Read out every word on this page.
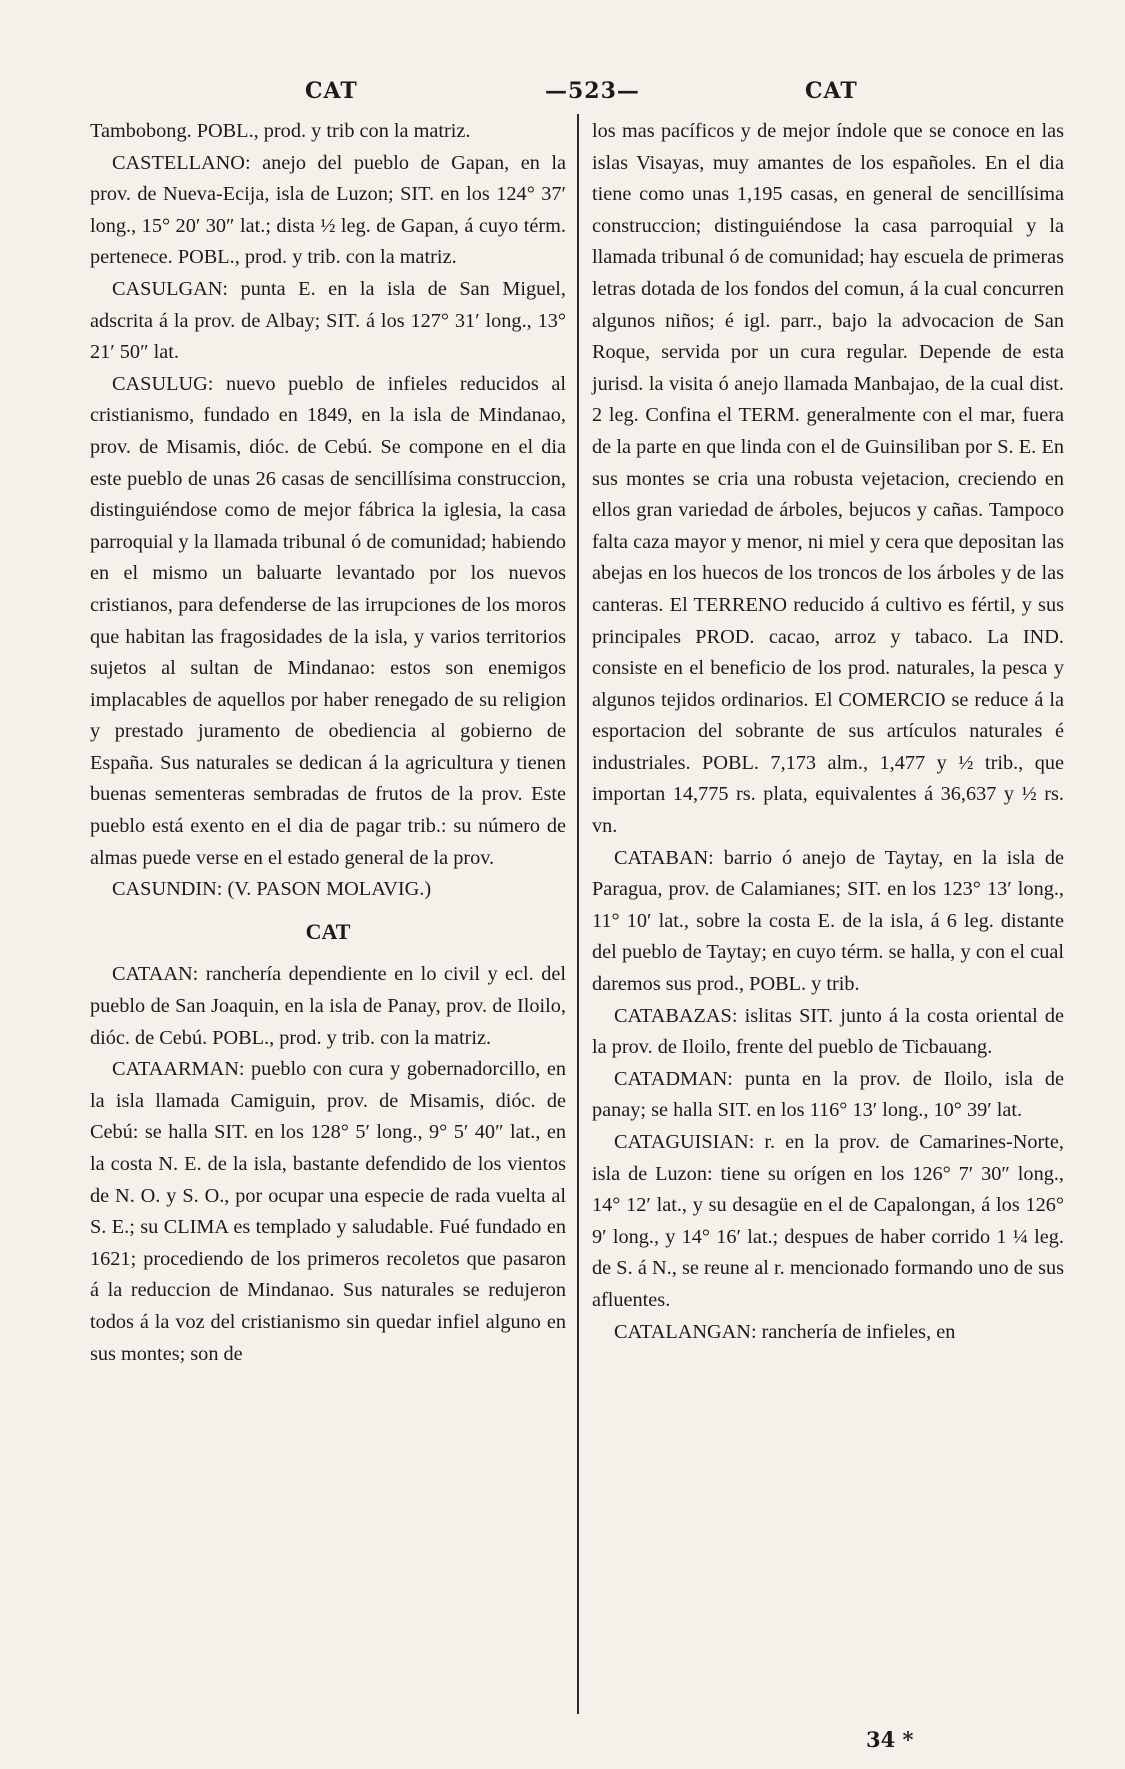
CAT	—523—	CAT

Tambobong. POBL., prod. y trib con la matriz.

CASTELLANO: anejo del pueblo de Gapan, en la prov. de Nueva-Ecija, isla de Luzon; SIT. en los 124° 37′ long., 15° 20′ 30″ lat.; dista ½ leg. de Gapan, á cuyo térm. pertenece. POBL., prod. y trib. con la matriz.

CASULGAN: punta E. en la isla de San Miguel, adscrita á la prov. de Albay; SIT. á los 127° 31′ long., 13° 21′ 50″ lat.

CASULUG: nuevo pueblo de infieles reducidos al cristianismo, fundado en 1849, en la isla de Mindanao, prov. de Misamis, dióc. de Cebú. Se compone en el dia este pueblo de unas 26 casas de sencillísima construccion, distinguiéndose como de mejor fábrica la iglesia, la casa parroquial y la llamada tribunal ó de comunidad; habiendo en el mismo un baluarte levantado por los nuevos cristianos, para defenderse de las irrupciones de los moros que habitan las fragosidades de la isla, y varios territorios sujetos al sultan de Mindanao: estos son enemigos implacables de aquellos por haber renegado de su religion y prestado juramento de obediencia al gobierno de España. Sus naturales se dedican á la agricultura y tienen buenas sementeras sembradas de frutos de la prov. Este pueblo está exento en el dia de pagar trib.: su número de almas puede verse en el estado general de la prov.

CASUNDIN: (V. PASON MOLAVIG.)

CAT

CATAAN: ranchería dependiente en lo civil y ecl. del pueblo de San Joaquin, en la isla de Panay, prov. de Iloilo, dióc. de Cebú. POBL., prod. y trib. con la matriz.

CATAARMAN: pueblo con cura y gobernadorcillo, en la isla llamada Camiguin, prov. de Misamis, dióc. de Cebú: se halla SIT. en los 128° 5′ long., 9° 5′ 40″ lat., en la costa N. E. de la isla, bastante defendido de los vientos de N. O. y S. O., por ocupar una especie de rada vuelta al S. E.; su CLIMA es templado y saludable. Fué fundado en 1621; procediendo de los primeros recoletos que pasaron á la reduccion de Mindanao. Sus naturales se redujeron todos á la voz del cristianismo sin quedar infiel alguno en sus montes; son de

los mas pacíficos y de mejor índole que se conoce en las islas Visayas, muy amantes de los españoles. En el dia tiene como unas 1,195 casas, en general de sencillísima construccion; distinguiéndose la casa parroquial y la llamada tribunal ó de comunidad; hay escuela de primeras letras dotada de los fondos del comun, á la cual concurren algunos niños; é igl. parr., bajo la advocacion de San Roque, servida por un cura regular. Depende de esta jurisd. la visita ó anejo llamada Manbajao, de la cual dist. 2 leg. Confina el TERM. generalmente con el mar, fuera de la parte en que linda con el de Guinsiliban por S. E. En sus montes se cria una robusta vejetacion, creciendo en ellos gran variedad de árboles, bejucos y cañas. Tampoco falta caza mayor y menor, ni miel y cera que depositan las abejas en los huecos de los troncos de los árboles y de las canteras. El TERRENO reducido á cultivo es fértil, y sus principales PROD. cacao, arroz y tabaco. La IND. consiste en el beneficio de los prod. naturales, la pesca y algunos tejidos ordinarios. El COMERCIO se reduce á la esportacion del sobrante de sus artículos naturales é industriales. POBL. 7,173 alm., 1,477 y ½ trib., que importan 14,775 rs. plata, equivalentes á 36,637 y ½ rs. vn.

CATABAN: barrio ó anejo de Taytay, en la isla de Paragua, prov. de Calamianes; SIT. en los 123° 13′ long., 11° 10′ lat., sobre la costa E. de la isla, á 6 leg. distante del pueblo de Taytay; en cuyo térm. se halla, y con el cual daremos sus prod., POBL. y trib.

CATABAZAS: islitas SIT. junto á la costa oriental de la prov. de Iloilo, frente del pueblo de Ticbauang.

CATADMAN: punta en la prov. de Iloilo, isla de panay; se halla SIT. en los 116° 13′ long., 10° 39′ lat.

CATAGUISIAN: r. en la prov. de Camarines-Norte, isla de Luzon: tiene su orígen en los 126° 7′ 30″ long., 14° 12′ lat., y su desagüe en el de Capalongan, á los 126° 9′ long., y 14° 16′ lat.; despues de haber corrido 1 ¼ leg. de S. á N., se reune al r. mencionado formando uno de sus afluentes.

CATALANGAN: ranchería de infieles, en

34 *
